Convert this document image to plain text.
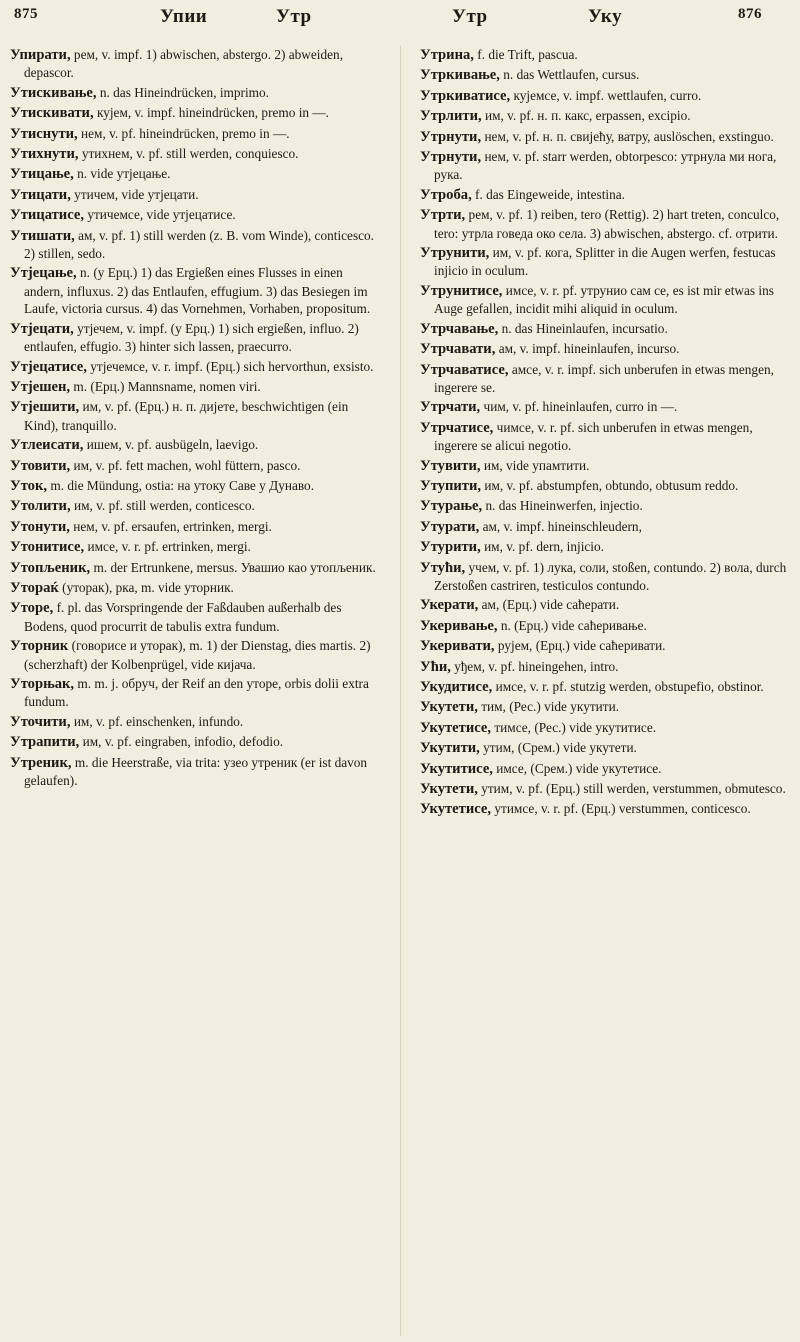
875	Упии	Утр	Утр	Уку	876

Упирати, рем, v. impf. 1) abwischen, abstergo. 2) abweiden, depascor.

Утискивање, n. das Hineindrücken, imprimo.

Утискивати, кујем, v. impf. hineindrücken, premo in —.

Утиснути, нем, v. pf. hineindrücken, premo in —.

Утихнути, утихнем, v. pf. still werden, conquiesco.

Утицање, n. vide утјецање.

Утицати, утичем, vide утјецати.

Утицатисе, утичемсе, vide утјецатисе.

Утишати, ам, v. pf. 1) still werden (z. B. vom Winde), conticesco. 2) stillen, sedo.

Утјецање, n. (у Ерц.) 1) das Ergießen eines Flusses in einen andern, influxus. 2) das Entlaufen, effugium. 3) das Besiegen im Laufe, victoria cursus. 4) das Vornehmen, Vorhaben, propositum.

Утјецати, утјечем, v. impf. (у Ерц.) 1) sich ergießen, influo. 2) entlaufen, effugio. 3) hinter sich lassen, praecurro.

Утјецатисе, утјечемсе, v. r. impf. (Ерц.) sich hervorthun, exsisto.

Утјешен, m. (Ерц.) Mannsname, nomen viri.

Утјешити, им, v. pf. (Ерц.) н. п. дијете, beschwichtigen (ein Kind), tranquillo.

Утлеисати, ишем, v. pf. ausbügeln, laevigo.

Утовити, им, v. pf. fett machen, wohl füttern, pasco.

Уток, m. die Mündung, ostia: на утоку Саве у Дунаво.

Утолити, им, v. pf. still werden, conticesco.

Утонути, нем, v. pf. ersaufen, ertrinken, mergi.

Утонитисе, имсе, v. r. pf. ertrinken, mergi.

Утопљеник, m. der Ertrunkene, mersus. Увашио као утопљеник.

Утораќ (уторак), рка, m. vide уторник.

Уторе, f. pl. das Vorspringende der Faßdauben außerhalb des Bodens, quod procurrit de tabulis extra fundum.

Уторник (говорисе и уторак), m. 1) der Dienstag, dies martis. 2) (scherzhaft) der Kolbenprügel, vide кијача.

Уторњак, m. m. j. обруч, der Reif an den уторе, orbis dolii extra fundum.

Уточити, им, v. pf. einschenken, infundo.

Утрапити, им, v. pf. eingraben, infodio, defodio.

Утреник, m. die Heerstraße, via trita: узео утреник (er ist davon gelaufen).

Утрина, f. die Trift, pascua.

Утркивање, n. das Wettlaufen, cursus.

Утркиватисе, кујемсе, v. impf. wettlaufen, curro.

Утрлити, им, v. pf. н. п. какс, erpassen, excipio.

Утрнути, нем, v. pf. н. п. свијећу, ватру, auslöschen, exstinguo.

Утрнути, нем, v. pf. starr werden, obtorpesco: утрнула ми нога, рука.

Утроба, f. das Eingeweide, intestina.

Утрти, рем, v. pf. 1) reiben, tero (Rettig). 2) hart treten, conculco, tero: утрла говеда око села. 3) abwischen, abstergo. cf. отрити.

Утрунити, им, v. pf. кога, Splitter in die Augen werfen, festucas injicio in oculum.

Утрунитисе, имсе, v. r. pf. утрунио сам се, es ist mir etwas ins Auge gefallen, incidit mihi aliquid in oculum.

Утрчавање, n. das Hineinlaufen, incursatio.

Утрчавати, ам, v. impf. hineinlaufen, incurso.

Утрчаватисе, амсе, v. r. impf. sich unberufen in etwas mengen, ingerere se.

Утрчати, чим, v. pf. hineinlaufen, curro in —.

Утрчатисе, чимсе, v. r. pf. sich unberufen in etwas mengen, ingerere se alicui negotio.

Утувити, им, vide упамтити.

Утупити, им, v. pf. abstumpfen, obtundo, obtusum reddo.

Утурање, n. das Hineinwerfen, injectio.

Утурати, ам, v. impf. hineinschleudern,

Утурити, им, v. pf. dern, injicio.

Утући, учем, v. pf. 1) лука, соли, stoßen, contundo. 2) вола, durch Zerstoßen castriren, testiculos contundo.

Укерати, ам, (Ерц.) vide саћерати.

Укеривање, n. (Ерц.) vide саћеривање.

Укеривати, рујем, (Ерц.) vide саћеривати.

Ући, уђем, v. pf. hineingehen, intro.

Укудитисе, имсе, v. r. pf. stutzig werden, obstupefio, obstinor.

Укутети, тим, (Рес.) vide укутити.

Укутетисе, тимсе, (Рес.) vide укутитисе.

Укутити, утим, (Срем.) vide укутети.

Укутитисе, имсе, (Срем.) vide укутетисе.

Укутети, утим, v. pf. (Ерц.) still werden, verstummen, obmutesco.

Укутетисе, утимсе, v. r. pf. (Ерц.) verstummen, conticesco.
